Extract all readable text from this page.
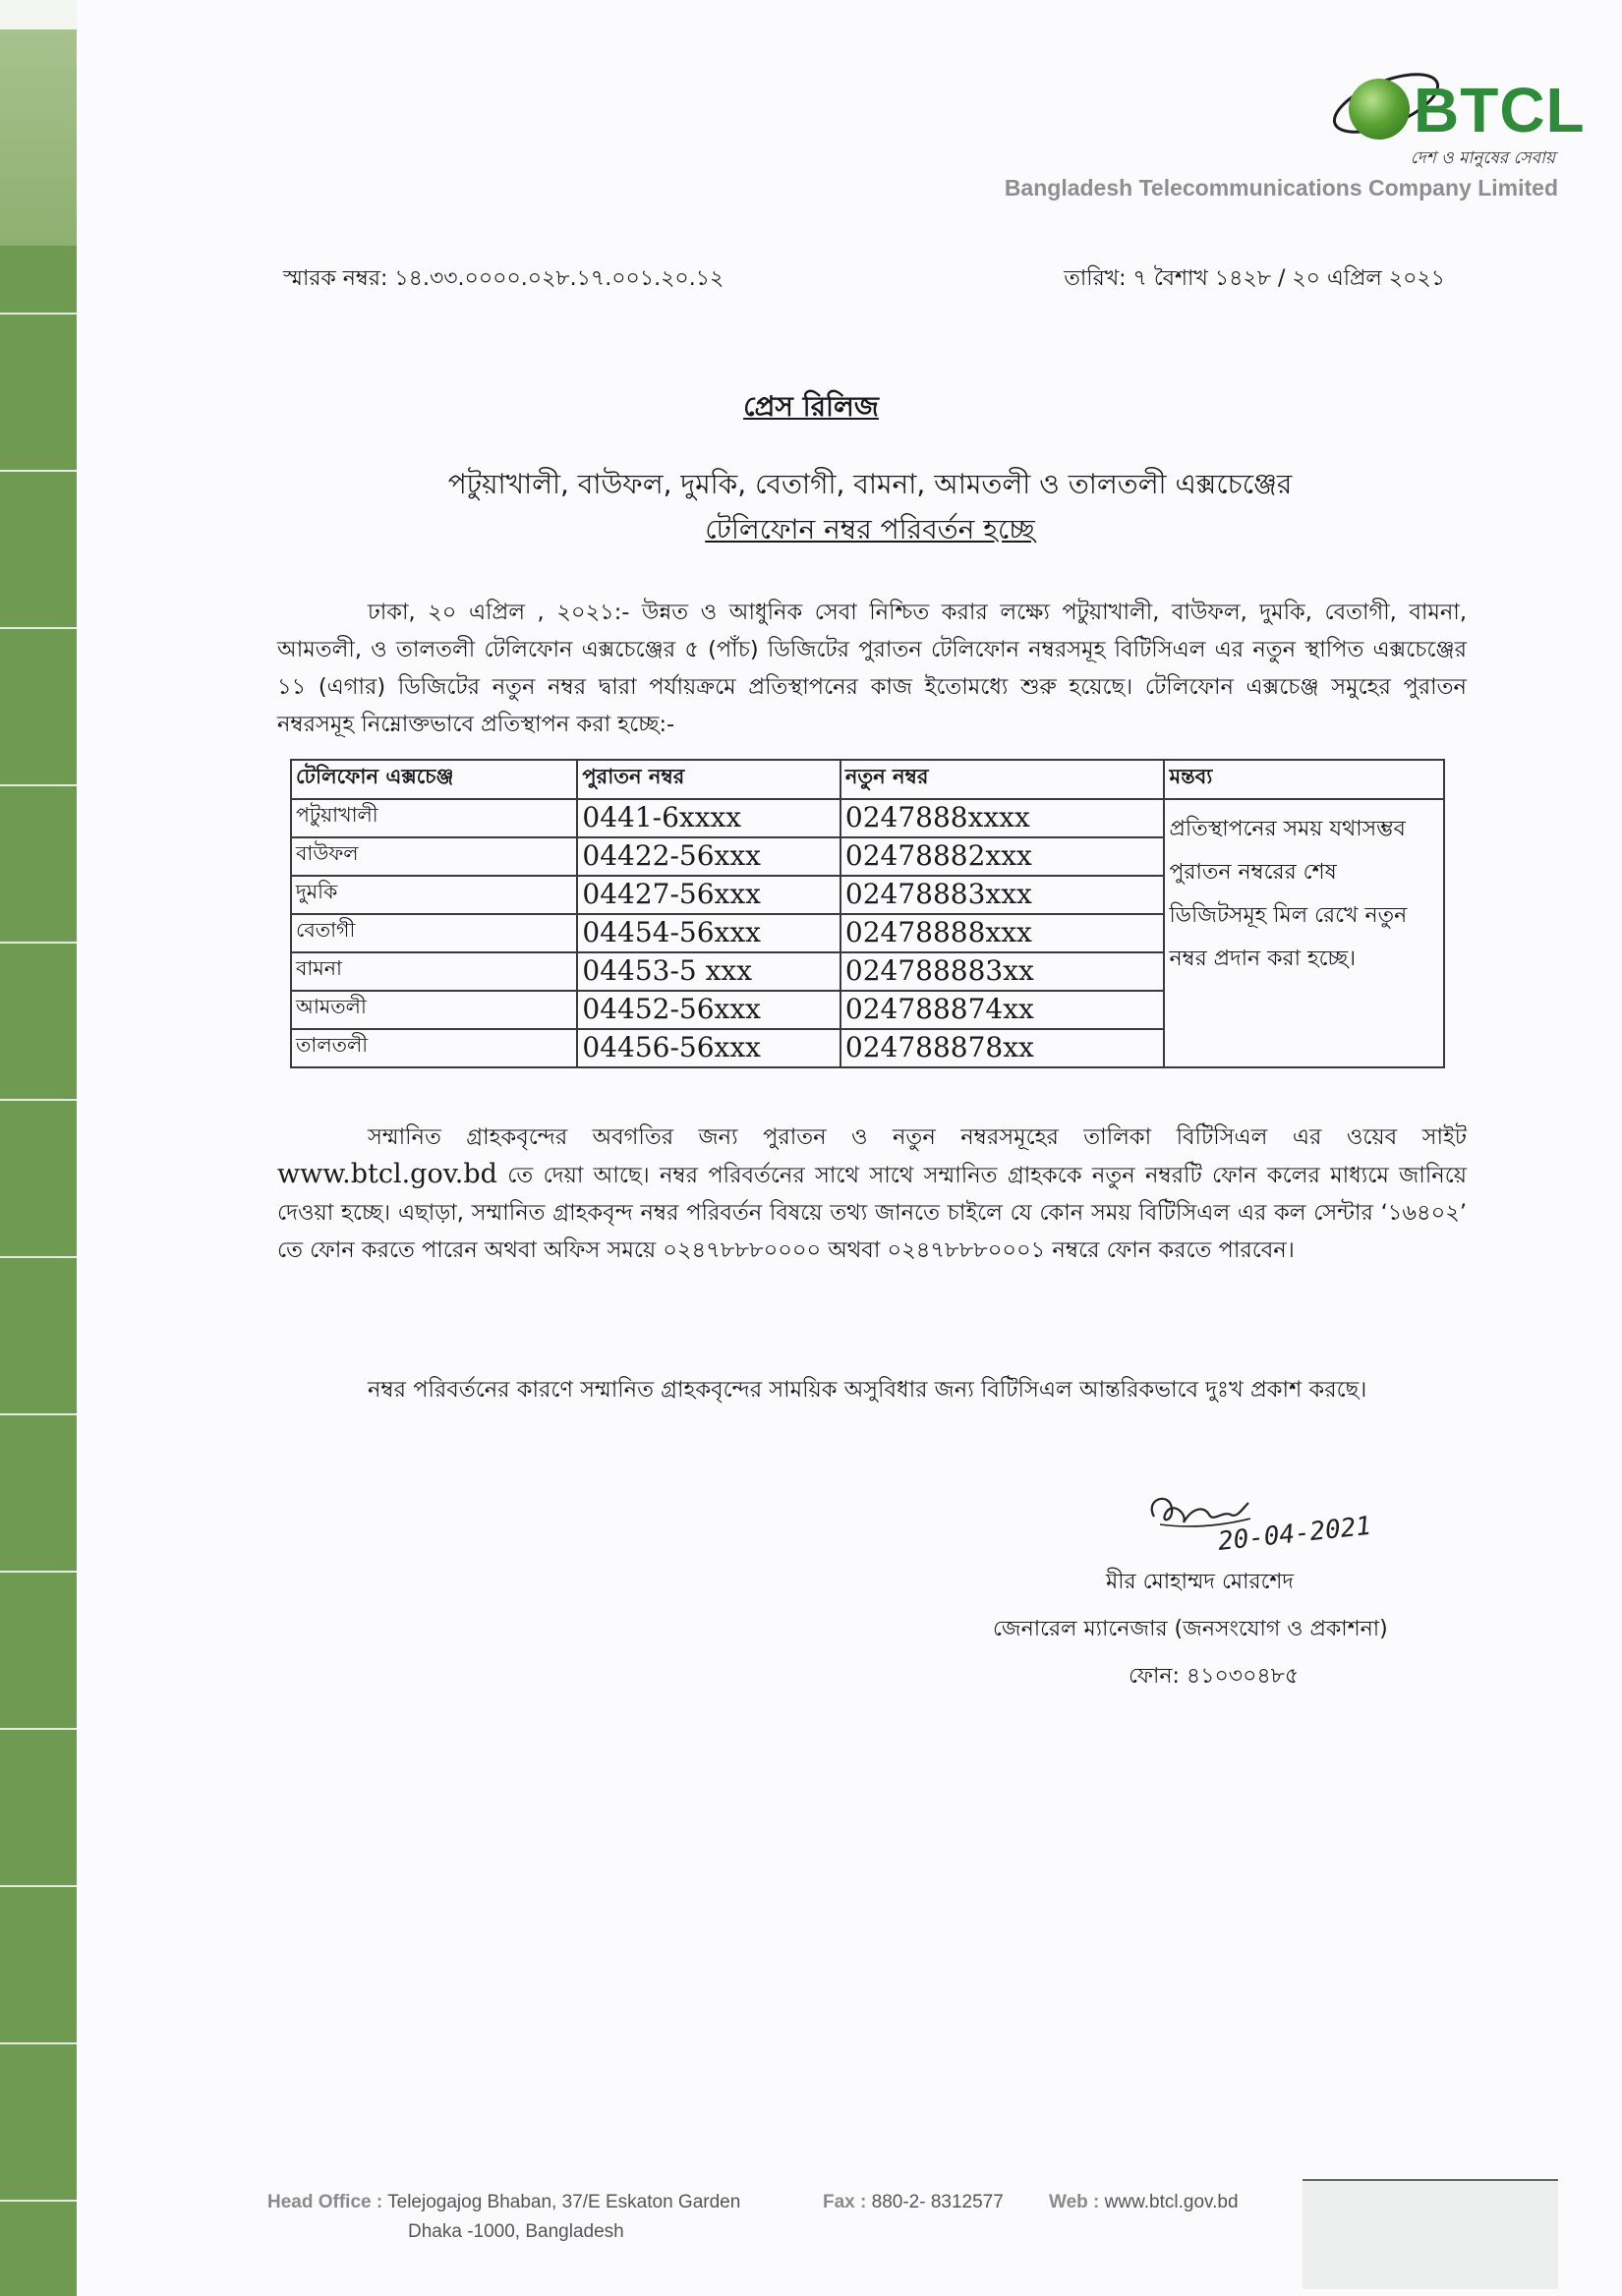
BTCL
দেশ ও মানুষের সেবায়
Bangladesh Telecommunications Company Limited
স্মারক নম্বর: ১৪.৩৩.০০০০.০২৮.১৭.০০১.২০.১২	তারিখ: ৭ বৈশাখ ১৪২৮ / ২০ এপ্রিল ২০২১
প্রেস রিলিজ
পটুয়াখালী, বাউফল, দুমকি, বেতাগী, বামনা, আমতলী ও তালতলী এক্সচেঞ্জের
টেলিফোন নম্বর পরিবর্তন হচ্ছে

ঢাকা, ২০ এপ্রিল , ২০২১:- উন্নত ও আধুনিক সেবা নিশ্চিত করার লক্ষ্যে পটুয়াখালী, বাউফল, দুমকি, বেতাগী, বামনা, আমতলী, ও তালতলী টেলিফোন এক্সচেঞ্জের ৫ (পাঁচ) ডিজিটের পুরাতন টেলিফোন নম্বরসমূহ বিটিসিএল এর নতুন স্থাপিত এক্সচেঞ্জের ১১ (এগার) ডিজিটের নতুন নম্বর দ্বারা পর্যায়ক্রমে প্রতিস্থাপনের কাজ ইতোমধ্যে শুরু হয়েছে। টেলিফোন এক্সচেঞ্জ সমুহের পুরাতন নম্বরসমূহ নিম্নোক্তভাবে প্রতিস্থাপন করা হচ্ছে:-

টেলিফোন এক্সচেঞ্জ	পুরাতন নম্বর	নতুন নম্বর	মন্তব্য
পটুয়াখালী	0441-6xxxx	0247888xxxx	প্রতিস্থাপনের সময় যথাসম্ভব পুরাতন নম্বরের শেষ ডিজিটসমূহ মিল রেখে নতুন নম্বর প্রদান করা হচ্ছে।
বাউফল	04422-56xxx	02478882xxx	
দুমকি	04427-56xxx	02478883xxx	
বেতাগী	04454-56xxx	02478888xxx	
বামনা	04453-5 xxx	024788883xx	
আমতলী	04452-56xxx	024788874xx	
তালতলী	04456-56xxx	024788878xx	

সম্মানিত গ্রাহকবৃন্দের অবগতির জন্য পুরাতন ও নতুন নম্বরসমূহের তালিকা বিটিসিএল এর ওয়েব সাইট www.btcl.gov.bd তে দেয়া আছে। নম্বর পরিবর্তনের সাথে সাথে সম্মানিত গ্রাহককে নতুন নম্বরটি ফোন কলের মাধ্যমে জানিয়ে দেওয়া হচ্ছে। এছাড়া, সম্মানিত গ্রাহকবৃন্দ নম্বর পরিবর্তন বিষয়ে তথ্য জানতে চাইলে যে কোন সময় বিটিসিএল এর কল সেন্টার ‘১৬৪০২’ তে ফোন করতে পারেন অথবা অফিস সময়ে ০২৪৭৮৮৮০০০০ অথবা ০২৪৭৮৮৮০০০১ নম্বরে ফোন করতে পারবেন।

নম্বর পরিবর্তনের কারণে সম্মানিত গ্রাহকবৃন্দের সাময়িক অসুবিধার জন্য বিটিসিএল আন্তরিকভাবে দুঃখ প্রকাশ করছে।

20-04-2021
মীর মোহাম্মদ মোরশেদ
জেনারেল ম্যানেজার (জনসংযোগ ও প্রকাশনা)
ফোন: ৪১০৩০৪৮৫
Head Office : Telejogajog Bhaban, 37/E Eskaton Garden
Dhaka -1000, Bangladesh
Fax : 880-2- 8312577 Web : www.btcl.gov.bd
